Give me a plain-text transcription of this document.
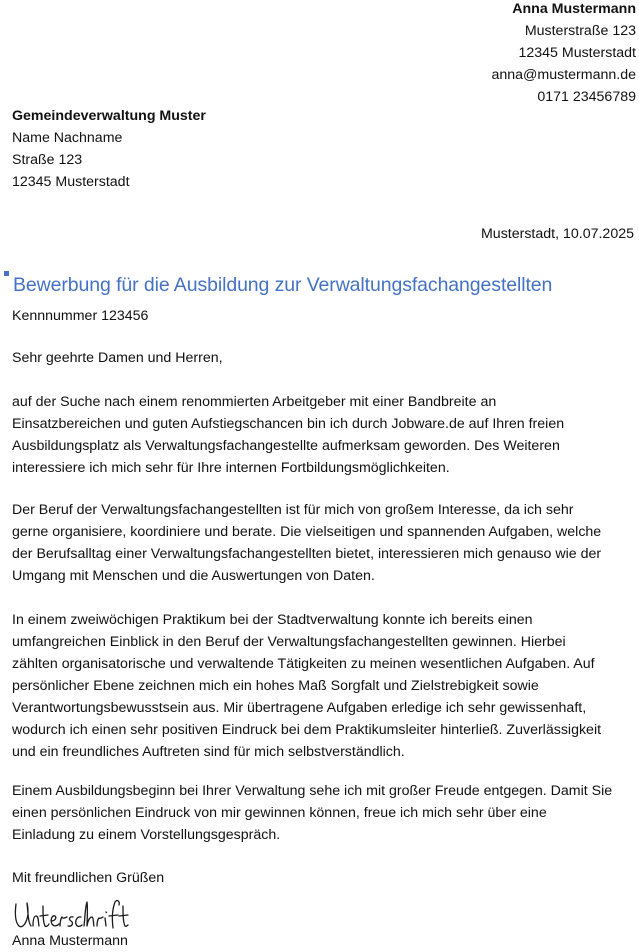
Anna Mustermann
Musterstraße 123
12345 Musterstadt
anna@mustermann.de
0171 23456789
Gemeindeverwaltung Muster
Name Nachname
Straße 123
12345 Musterstadt
Musterstadt, 10.07.2025
Bewerbung für die Ausbildung zur Verwaltungsfachangestellten
Kennnummer 123456
Sehr geehrte Damen und Herren,
auf der Suche nach einem renommierten Arbeitgeber mit einer Bandbreite an
Einsatzbereichen und guten Aufstiegschancen bin ich durch Jobware.de auf Ihren freien
Ausbildungsplatz als Verwaltungsfachangestellte aufmerksam geworden. Des Weiteren
interessiere ich mich sehr für Ihre internen Fortbildungsmöglichkeiten.
Der Beruf der Verwaltungsfachangestellten ist für mich von großem Interesse, da ich sehr
gerne organisiere, koordiniere und berate. Die vielseitigen und spannenden Aufgaben, welche
der Berufsalltag einer Verwaltungsfachangestellten bietet, interessieren mich genauso wie der
Umgang mit Menschen und die Auswertungen von Daten.
In einem zweiwöchigen Praktikum bei der Stadtverwaltung konnte ich bereits einen
umfangreichen Einblick in den Beruf der Verwaltungsfachangestellten gewinnen. Hierbei
zählten organisatorische und verwaltende Tätigkeiten zu meinen wesentlichen Aufgaben. Auf
persönlicher Ebene zeichnen mich ein hohes Maß Sorgfalt und Zielstrebigkeit sowie
Verantwortungsbewusstsein aus. Mir übertragene Aufgaben erledige ich sehr gewissenhaft,
wodurch ich einen sehr positiven Eindruck bei dem Praktikumsleiter hinterließ. Zuverlässigkeit
und ein freundliches Auftreten sind für mich selbstverständlich.
Einem Ausbildungsbeginn bei Ihrer Verwaltung sehe ich mit großer Freude entgegen. Damit Sie
einen persönlichen Eindruck von mir gewinnen können, freue ich mich sehr über eine
Einladung zu einem Vorstellungsgespräch.
Mit freundlichen Grüßen
Anna Mustermann
